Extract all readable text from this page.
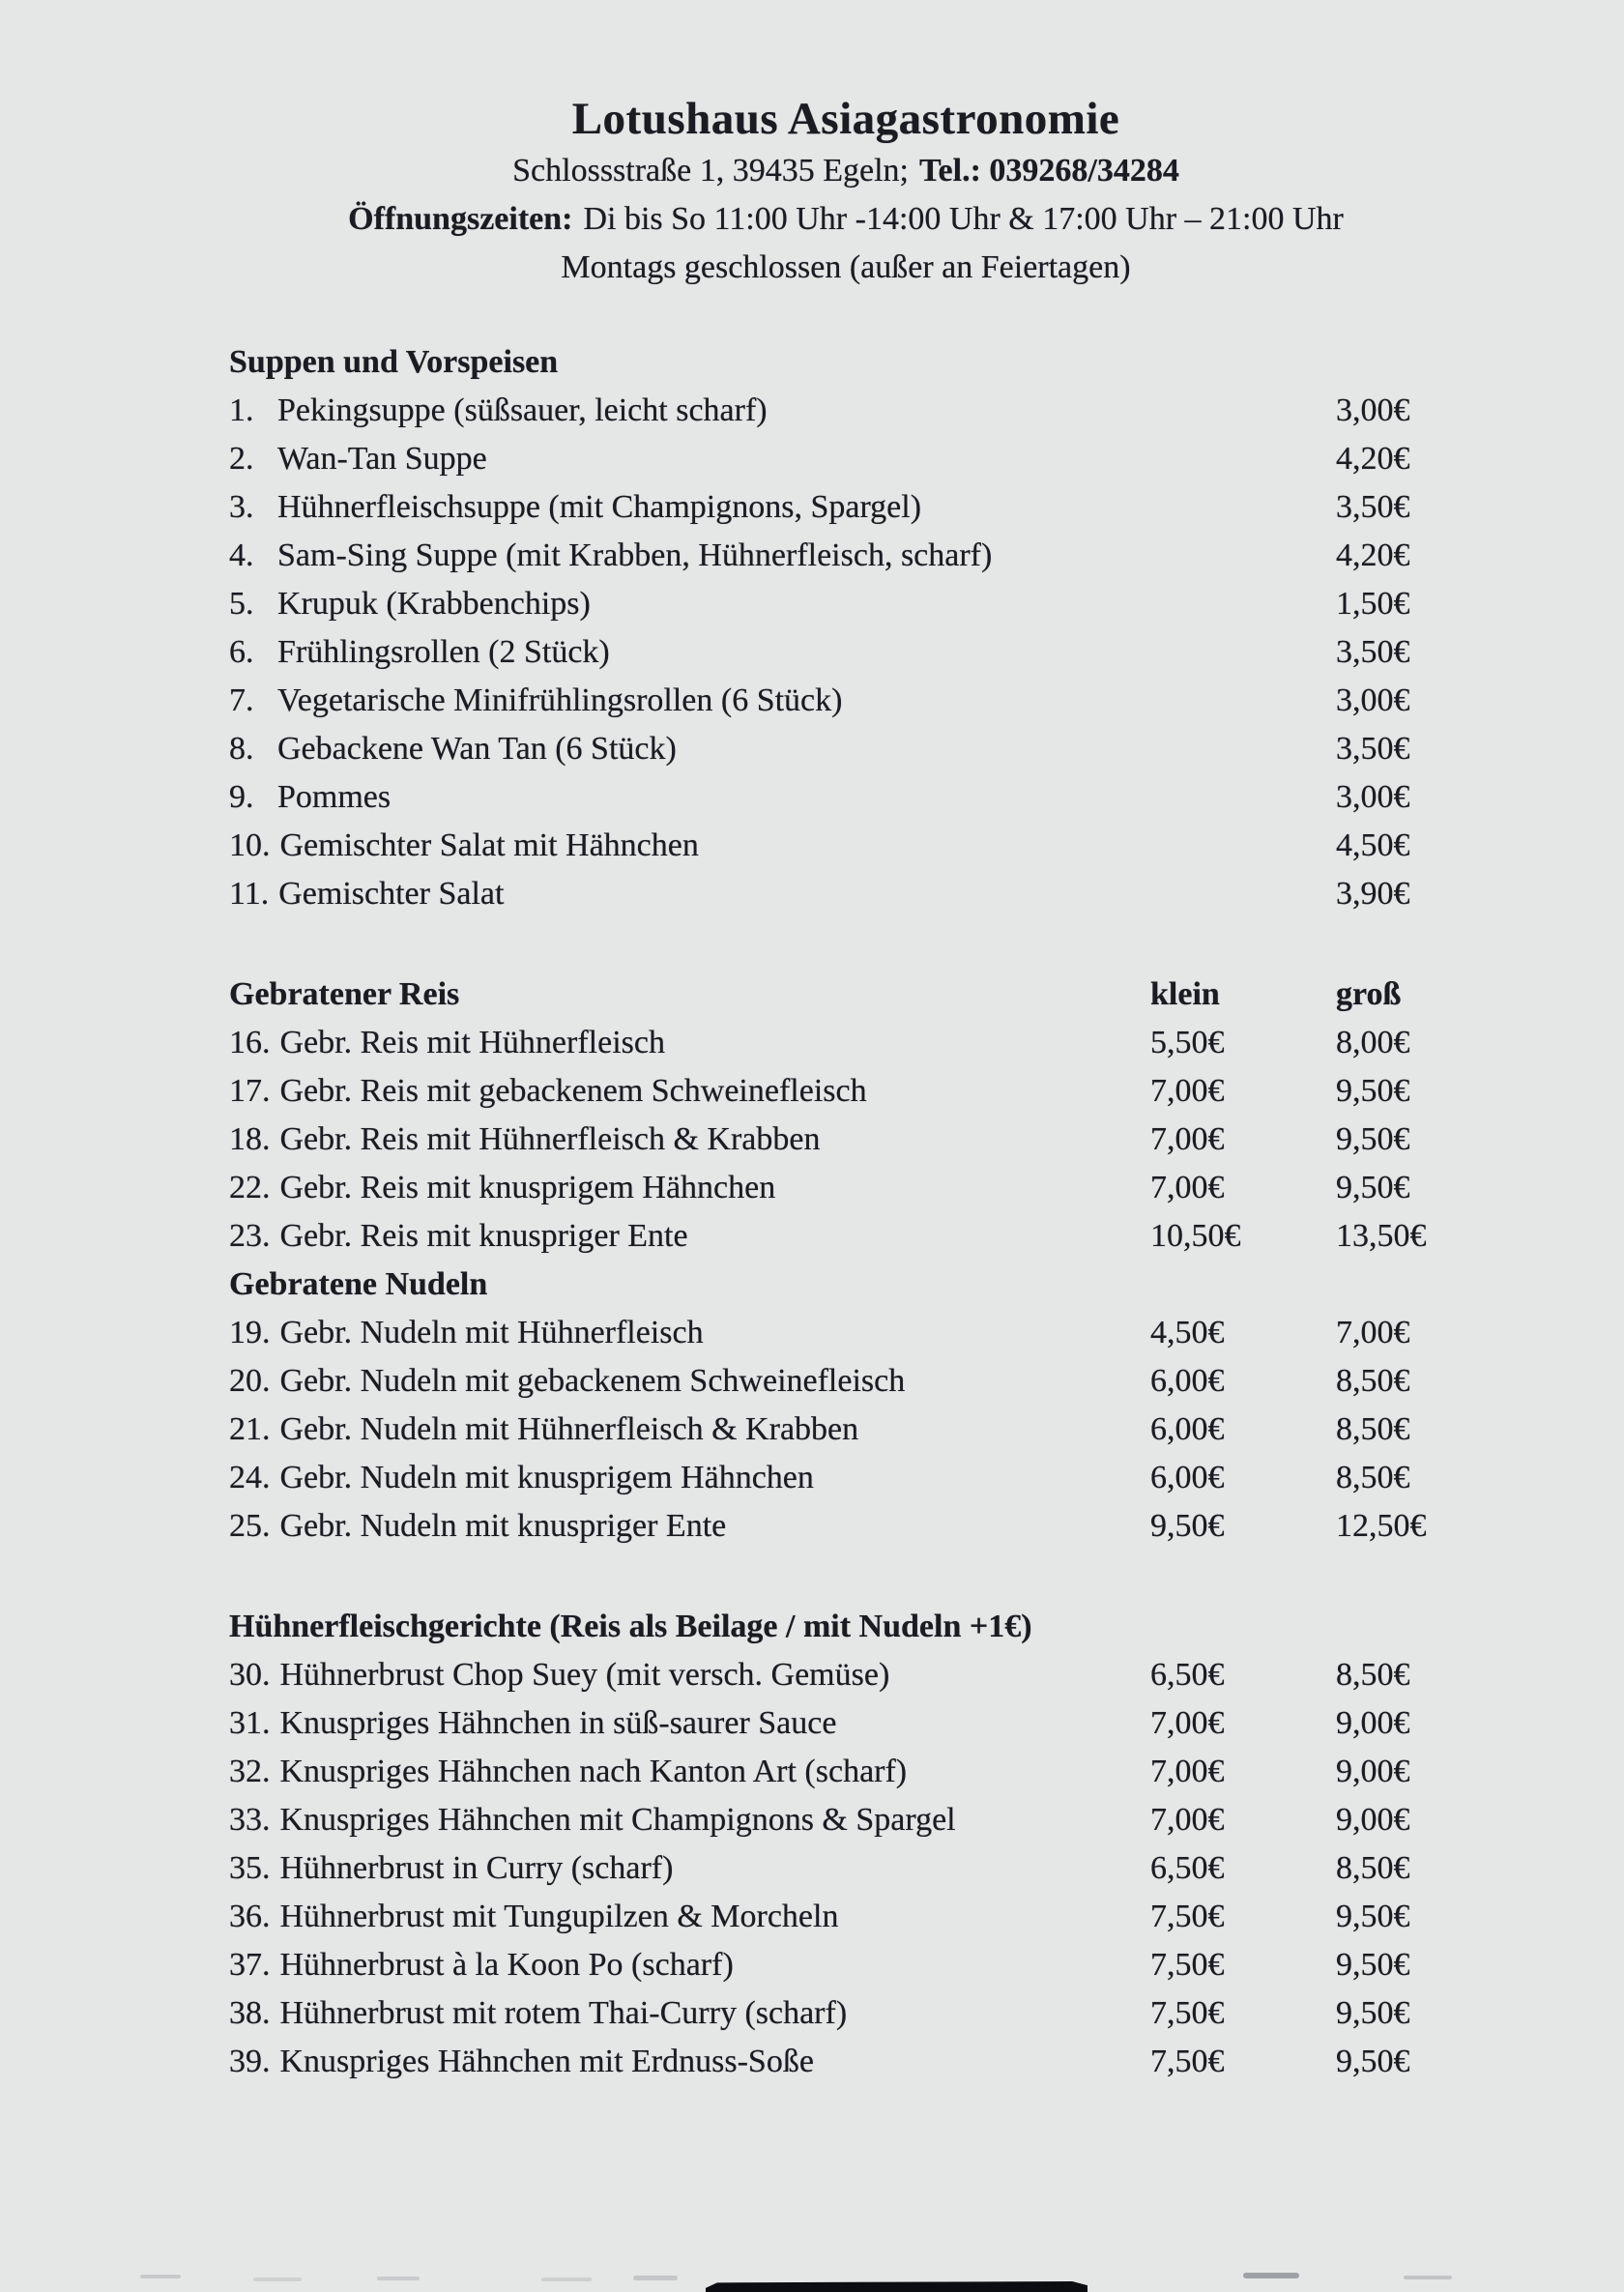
Lotushaus Asiagastronomie
Schlossstraße 1, 39435 Egeln; Tel.: 039268/34284
Öffnungszeiten: Di bis So 11:00 Uhr -14:00 Uhr & 17:00 Uhr – 21:00 Uhr
Montags geschlossen (außer an Feiertagen)
Suppen und Vorspeisen
1. Pekingsuppe (süßsauer, leicht scharf)	3,00€
2. Wan-Tan Suppe	4,20€
3. Hühnerfleischsuppe (mit Champignons, Spargel)	3,50€
4. Sam-Sing Suppe (mit Krabben, Hühnerfleisch, scharf)	4,20€
5. Krupuk (Krabbenchips)	1,50€
6. Frühlingsrollen (2 Stück)	3,50€
7. Vegetarische Minifrühlingsrollen (6 Stück)	3,00€
8. Gebackene Wan Tan (6 Stück)	3,50€
9. Pommes	3,00€
10. Gemischter Salat mit Hähnchen	4,50€
11. Gemischter Salat	3,90€
Gebratener Reis	klein	groß
16. Gebr. Reis mit Hühnerfleisch	5,50€	8,00€
17. Gebr. Reis mit gebackenem Schweinefleisch	7,00€	9,50€
18. Gebr. Reis mit Hühnerfleisch & Krabben	7,00€	9,50€
22. Gebr. Reis mit knusprigem Hähnchen	7,00€	9,50€
23. Gebr. Reis mit knuspriger Ente	10,50€	13,50€
Gebratene Nudeln
19. Gebr. Nudeln mit Hühnerfleisch	4,50€	7,00€
20. Gebr. Nudeln mit gebackenem Schweinefleisch	6,00€	8,50€
21. Gebr. Nudeln mit Hühnerfleisch & Krabben	6,00€	8,50€
24. Gebr. Nudeln mit knusprigem Hähnchen	6,00€	8,50€
25. Gebr. Nudeln mit knuspriger Ente	9,50€	12,50€
Hühnerfleischgerichte (Reis als Beilage / mit Nudeln +1€)
30. Hühnerbrust Chop Suey (mit versch. Gemüse)	6,50€	8,50€
31. Knuspriges Hähnchen in süß-saurer Sauce	7,00€	9,00€
32. Knuspriges Hähnchen nach Kanton Art (scharf)	7,00€	9,00€
33. Knuspriges Hähnchen mit Champignons & Spargel	7,00€	9,00€
35. Hühnerbrust in Curry (scharf)	6,50€	8,50€
36. Hühnerbrust mit Tungupilzen & Morcheln	7,50€	9,50€
37. Hühnerbrust à la Koon Po (scharf)	7,50€	9,50€
38. Hühnerbrust mit rotem Thai-Curry (scharf)	7,50€	9,50€
39. Knuspriges Hähnchen mit Erdnuss-Soße	7,50€	9,50€
